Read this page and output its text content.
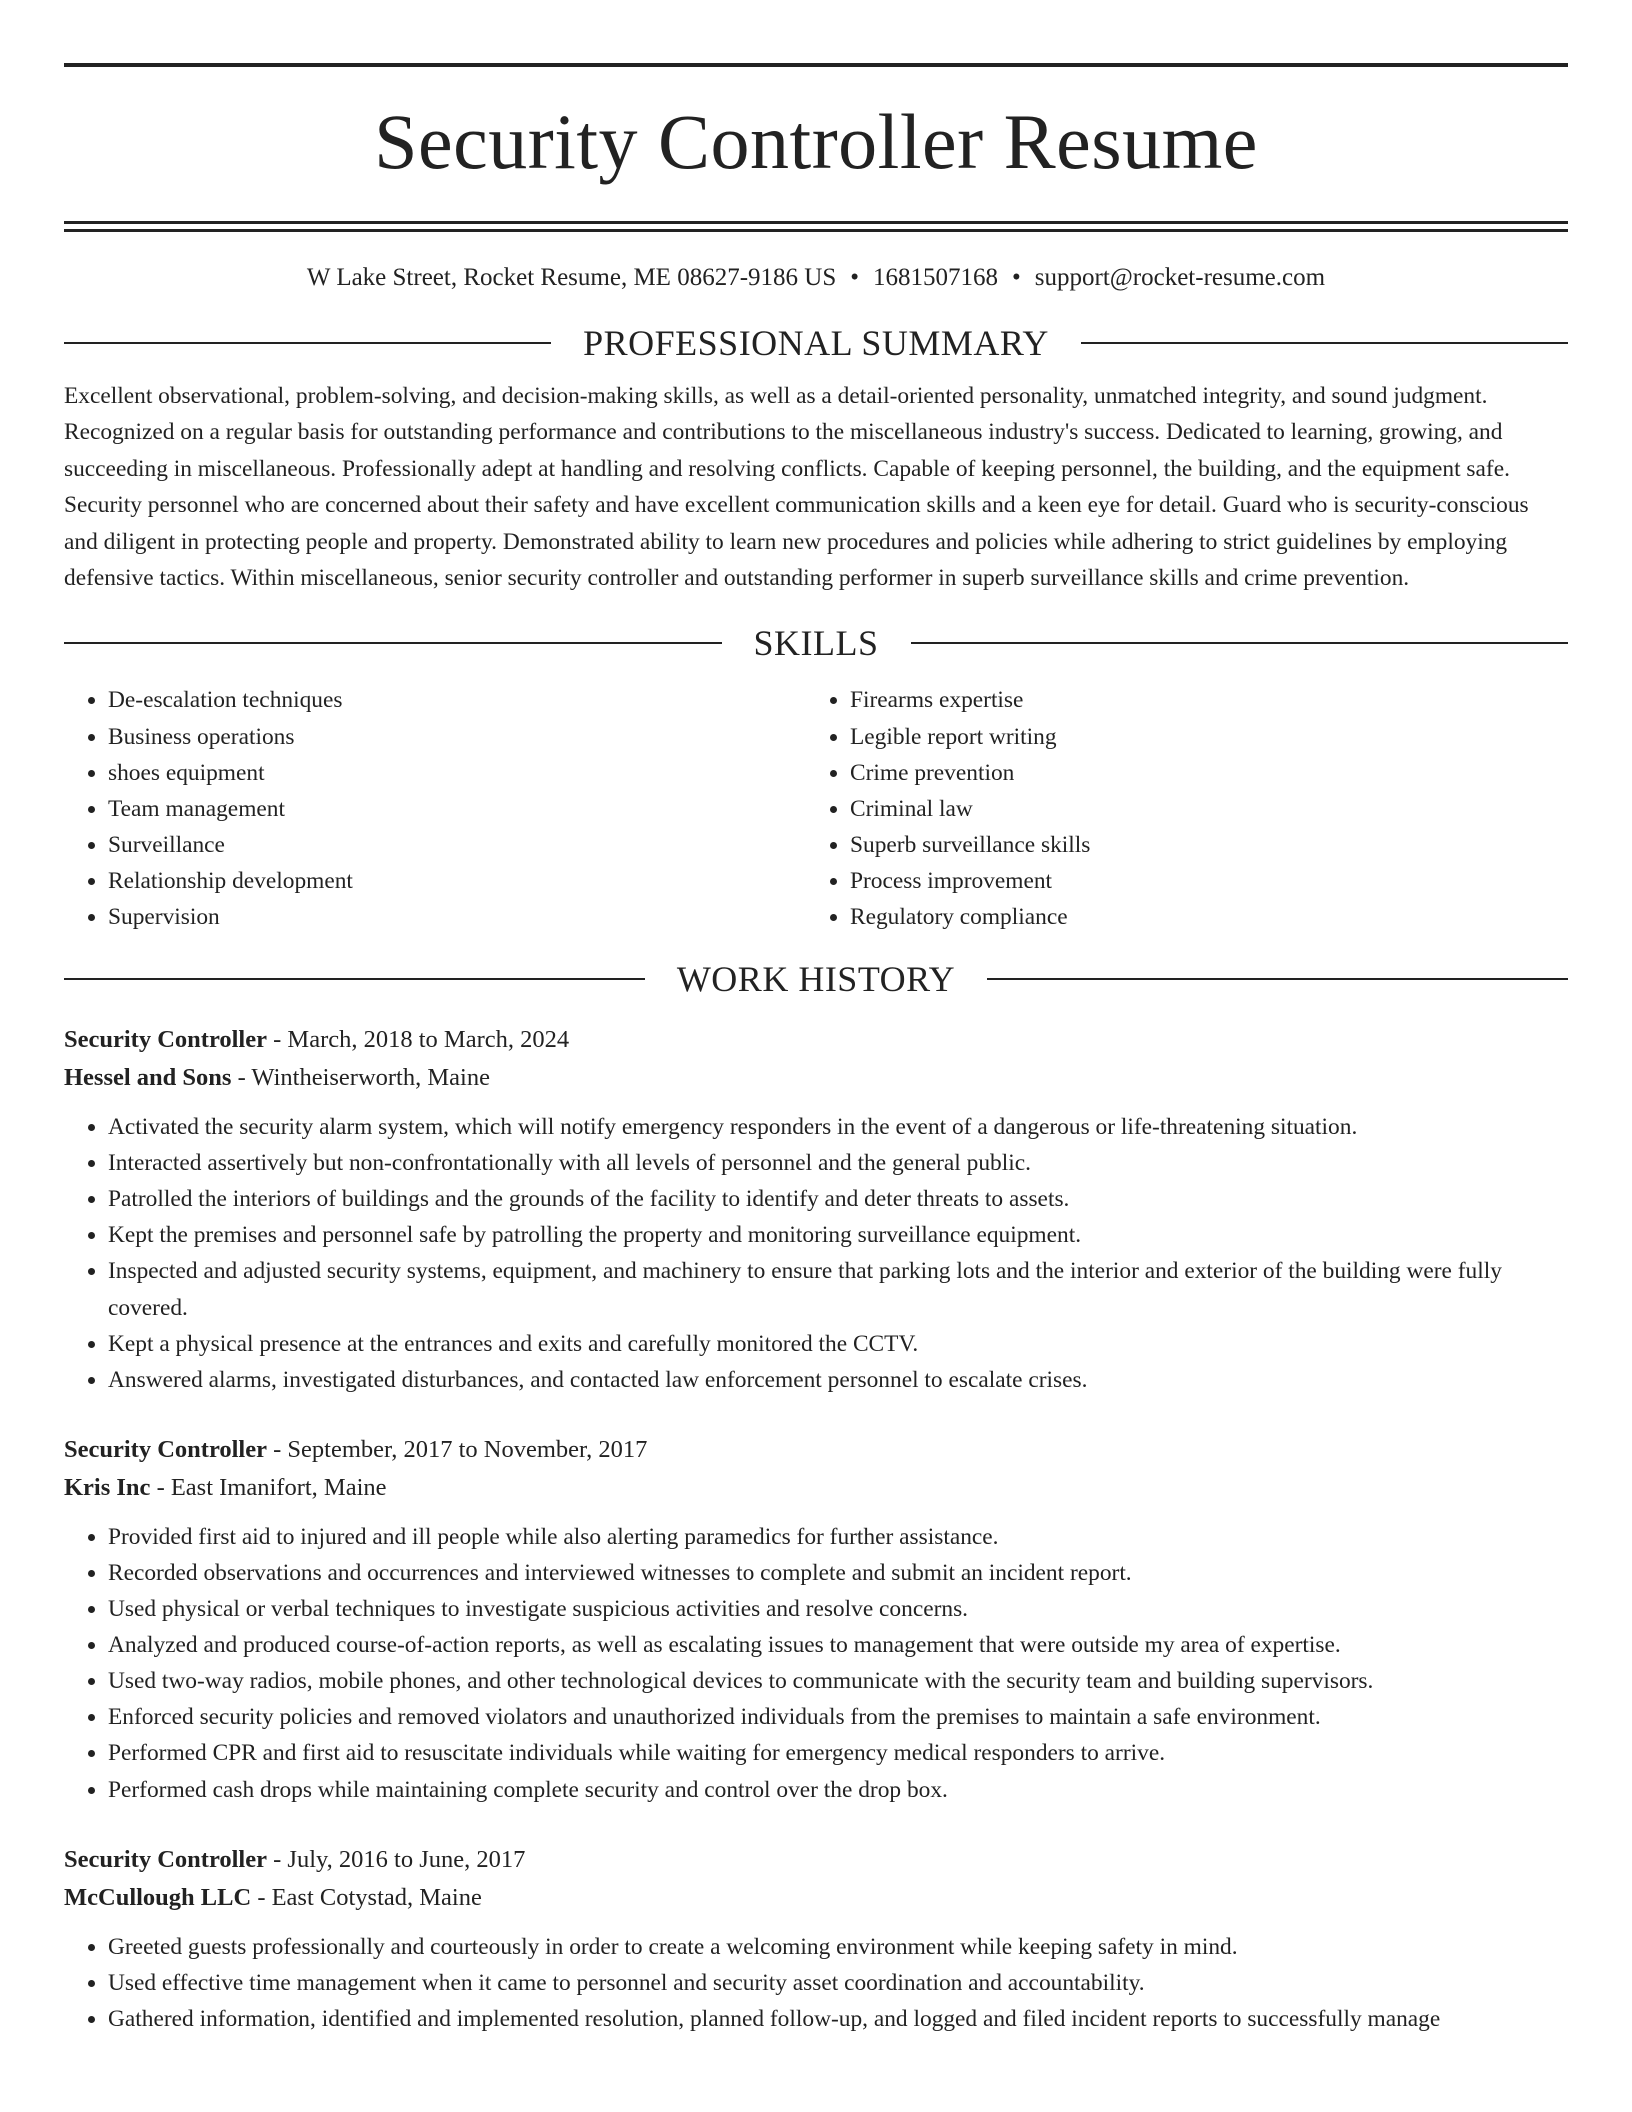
Security Controller Resume
W Lake Street, Rocket Resume, ME 08627-9186 US • 1681507168 • support@rocket-resume.com
PROFESSIONAL SUMMARY
Excellent observational, problem-solving, and decision-making skills, as well as a detail-oriented personality, unmatched integrity, and sound judgment. Recognized on a regular basis for outstanding performance and contributions to the miscellaneous industry's success. Dedicated to learning, growing, and succeeding in miscellaneous. Professionally adept at handling and resolving conflicts. Capable of keeping personnel, the building, and the equipment safe. Security personnel who are concerned about their safety and have excellent communication skills and a keen eye for detail. Guard who is security-conscious and diligent in protecting people and property. Demonstrated ability to learn new procedures and policies while adhering to strict guidelines by employing defensive tactics. Within miscellaneous, senior security controller and outstanding performer in superb surveillance skills and crime prevention.
SKILLS
• De-escalation techniques
• Business operations
• shoes equipment
• Team management
• Surveillance
• Relationship development
• Supervision
• Firearms expertise
• Legible report writing
• Crime prevention
• Criminal law
• Superb surveillance skills
• Process improvement
• Regulatory compliance
WORK HISTORY
Security Controller - March, 2018 to March, 2024
Hessel and Sons - Wintheiserworth, Maine
• Activated the security alarm system, which will notify emergency responders in the event of a dangerous or life-threatening situation.
• Interacted assertively but non-confrontationally with all levels of personnel and the general public.
• Patrolled the interiors of buildings and the grounds of the facility to identify and deter threats to assets.
• Kept the premises and personnel safe by patrolling the property and monitoring surveillance equipment.
• Inspected and adjusted security systems, equipment, and machinery to ensure that parking lots and the interior and exterior of the building were fully covered.
• Kept a physical presence at the entrances and exits and carefully monitored the CCTV.
• Answered alarms, investigated disturbances, and contacted law enforcement personnel to escalate crises.
Security Controller - September, 2017 to November, 2017
Kris Inc - East Imanifort, Maine
• Provided first aid to injured and ill people while also alerting paramedics for further assistance.
• Recorded observations and occurrences and interviewed witnesses to complete and submit an incident report.
• Used physical or verbal techniques to investigate suspicious activities and resolve concerns.
• Analyzed and produced course-of-action reports, as well as escalating issues to management that were outside my area of expertise.
• Used two-way radios, mobile phones, and other technological devices to communicate with the security team and building supervisors.
• Enforced security policies and removed violators and unauthorized individuals from the premises to maintain a safe environment.
• Performed CPR and first aid to resuscitate individuals while waiting for emergency medical responders to arrive.
• Performed cash drops while maintaining complete security and control over the drop box.
Security Controller - July, 2016 to June, 2017
McCullough LLC - East Cotystad, Maine
• Greeted guests professionally and courteously in order to create a welcoming environment while keeping safety in mind.
• Used effective time management when it came to personnel and security asset coordination and accountability.
• Gathered information, identified and implemented resolution, planned follow-up, and logged and filed incident reports to successfully manage
